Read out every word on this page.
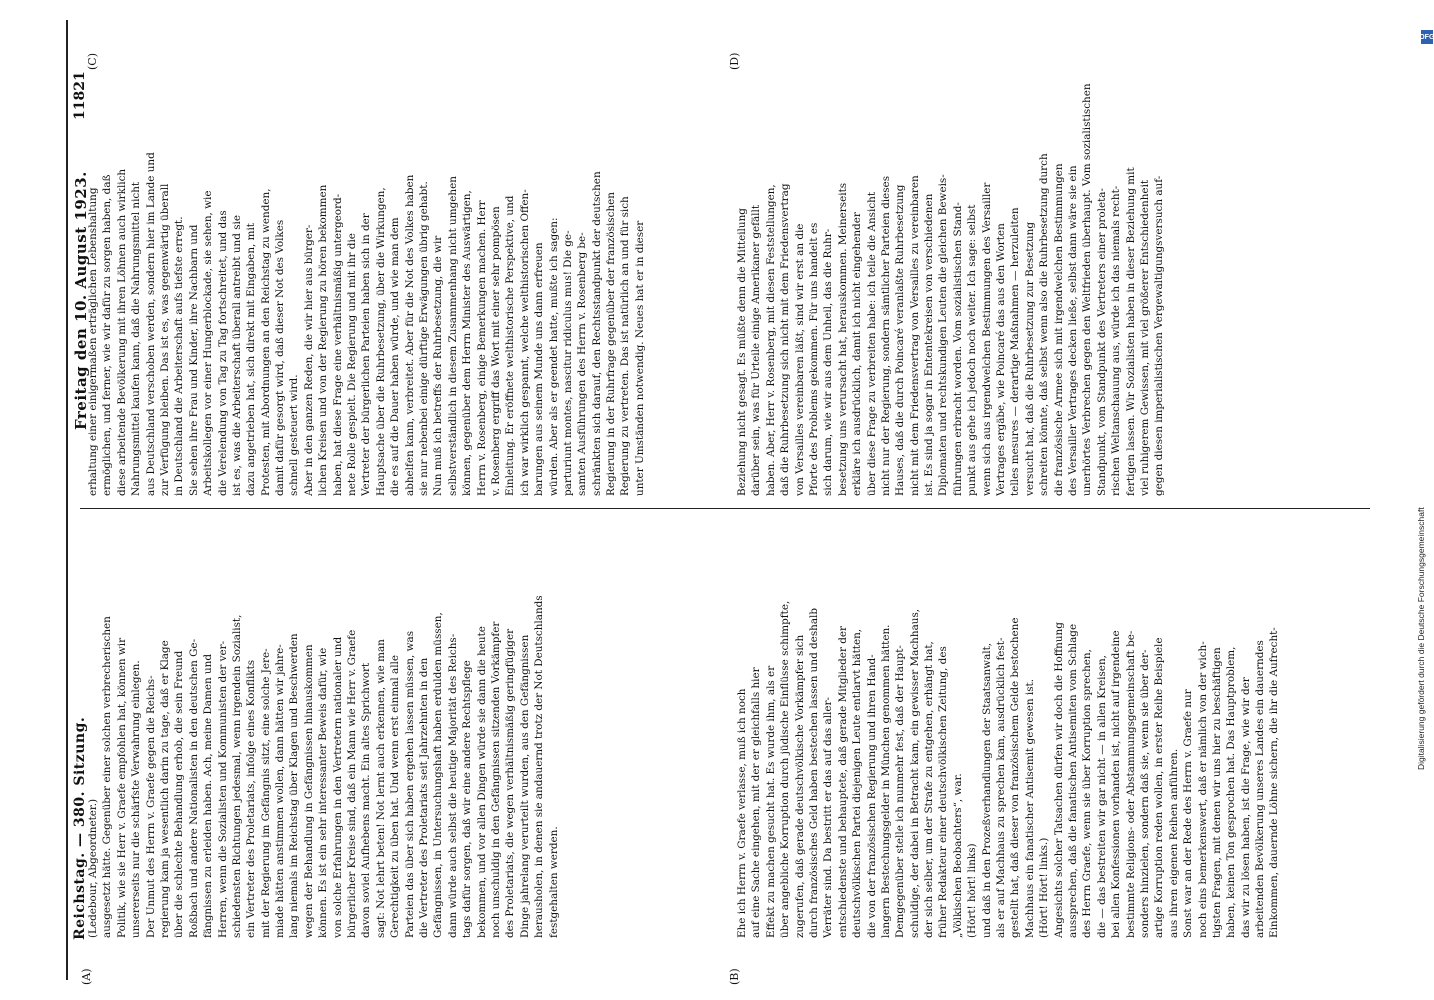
Reichstag. — 380. Sitzung.
Freitag den 10. August 1923.
11821
(A)	(B)
(C)	(D)
(Ledebour, Abgeordneter.) ausgesetzt hätte. Gegenüber einer solchen verbrecherischen Politik, wie sie Herr v. Graefe empfohlen hat, können wir unsererseits nur die schärfste Verwahrung einlegen. Der Unmut des Herrn v. Graefe gegen die Reichs- regierung kam ja wesentlich darin zu tage, daß er Klage über die schlechte Behandlung erhob, die sein Freund Roßbach und andere Nationalisten in den deutschen Ge- fängnissen zu erleiden haben. Ach, meine Damen und Herren, wenn die Sozialisten und Kommunisten der ver- schiedensten Richtungen jedesmal, wenn irgendein Sozialist, ein Vertreter des Proletariats, infolge eines Konflikts mit der Regierung im Gefängnis sitzt, eine solche Jere- miade hätten anstimmen wollen, dann hätten wir jahre- lang niemals im Reichstag über Klagen und Beschwerden wegen der Behandlung in Gefängnissen hinauskommen können. Es ist ein sehr interessanter Beweis dafür, wie von solche Erfahrungen in den Vertretern nationaler und bürgerlicher Kreise sind, daß ein Mann wie Herr v. Graefe davon soviel Aufhebens macht. Ein altes Sprichwort sagt: Not lehrt beten! Not lernt auch erkennen, wie man Gerechtigkeit zu üben hat. Und wenn erst einmal alle Parteien das über sich haben ergehen lassen müssen, was die Vertreter des Proletariats seit Jahrzehnten in den Gefängnissen, in Untersuchungshaft haben erdulden müssen, dann würde auch selbst die heutige Majorität des Reichs- tags dafür sorgen, daß wir eine andere Rechtspflege bekommen, und vor allen Dingen würde sie dann die heute noch unschuldig in den Gefängnissen sitzenden Vorkämpfer des Proletariats, die wegen verhältnismäßig geringfügiger Dinge jahrelang verurteilt wurden, aus den Gefängnissen herausholen, in denen sie andauernd trotz der Not Deutschlands festgehalten werden.
erhaltung einer einigermaßen erträglichen Lebenshaltung ermöglichen, und ferner, wie wir dafür zu sorgen haben, daß diese arbeitende Bevölkerung mit ihren Löhnen auch wirklich Nahrungsmittel kaufen kann, daß die Nahrungsmittel nicht aus Deutschland verschoben werden, sondern hier im Lande und zur Verfügung bleiben. Das ist es, was gegenwärtig überall in Deutschland die Arbeiterschaft aufs tiefste erregt. Sie sehen ihre Frau und Kinder, ihre Nachbarn und Arbeitskollegen vor einer Hungerblockade, sie sehen, wie die Verelendung von Tag zu Tag fortschreitet, und das ist es, was die Arbeiterschaft überall antreibt und sie dazu angetrieben hat, sich direkt mit Eingaben, mit Protesten, mit Abordnungen an den Reichstag zu wenden, damit dafür gesorgt wird, daß dieser Not des Volkes schnell gesteuert wird. Aber in den ganzen Reden, die wir hier aus bürger- lichen Kreisen und von der Regierung zu hören bekommen haben, hat diese Frage eine verhältnismäßig untergeord- nete Rolle gespielt. Die Regierung und mit ihr die Vertreter der bürgerlichen Parteien haben sich in der Hauptsache über die Ruhrbesetzung, über die Wirkungen, die es auf die Dauer haben würde, und wie man dem abhelfen kann, verbreitet. Aber für die Not des Volkes haben sie nur nebenbei einige dürftige Erwägungen übrig gehabt. Nun muß ich betreffs der Ruhrbesetzung, die wir selbstverständlich in diesem Zusammenhang nicht umgehen können, gegenüber dem Herrn Minister des Auswärtigen, Herrn v. Rosenberg, einige Bemerkungen machen. Herr v. Rosenberg ergriff das Wort mit einer sehr pompösen Einleitung. Er eröffnete welthistorische Perspektive, und ich war wirklich gespannt, welche welthistorischen Offen- barungen aus seinem Munde uns dann erfreuen würden. Aber als er geendet hatte, mußte ich sagen: parturiunt montes, nascitur ridiculus mus! Die ge- samten Ausführungen des Herrn v. Rosenberg be- schränkten sich darauf, den Rechtsstandpunkt der deutschen Regierung in der Ruhrfrage gegenüber der französischen Regierung zu vertreten. Das ist natürlich an und für sich unter Umständen notwendig. Neues hat er in dieser
Ehe ich Herrn v. Graefe verlasse, muß ich noch auf eine Sache eingehen, mit der er gleichfalls hier Effekt zu machen gesucht hat. Es wurde ihm, als er über angebliche Korruption durch jüdische Einflüsse schimpfte, zugerufen, daß gerade deutschvölkische Vorkämpfer sich durch französisches Geld haben bestechen lassen und deshalb Verräter sind. Da bestritt er das auf das aller- entschiedenste und behauptete, daß gerade Mitglieder der deutschvölkischen Partei diejenigen Leute entlarvt hätten, die von der französischen Regierung und ihren Hand- langern Bestechungsgelder in München genommen hätten. Demgegenüber stelle ich nunmehr fest, daß der Haupt- schuldige, der dabei in Betracht kam, ein gewisser Machhaus, der sich selber, um der Strafe zu entgehen, erhängt hat, früher Redakteur einer deutschvölkischen Zeitung, des „Völkischen Beobachters“, war. (Hört! hört! links) und daß in den Prozeßverhandlungen der Staatsanwalt, als er auf Machhaus zu sprechen kam, ausdrücklich fest- gestellt hat, daß dieser von französischem Gelde bestochene Machhaus ein fanatischer Antisemit gewesen ist. (Hört! Hört! links.) Angesichts solcher Tatsachen dürfen wir doch die Hoffnung aussprechen, daß die fanatischen Antisemiten vom Schlage des Herrn Graefe, wenn sie über Korruption sprechen, die — das bestreiten wir gar nicht — in allen Kreisen, bei allen Konfessionen vorhanden ist, nicht auf irgendeine bestimmte Religions- oder Abstammungsgemeinschaft be- sonders hinzielen, sondern daß sie, wenn sie über der- artige Korruption reden wollen, in erster Reihe Beispiele aus ihren eigenen Reihen anführen. Sonst war an der Rede des Herrn v. Graefe nur noch eins bemerkenswert, daß er nämlich von der wich- tigsten Fragen, mit denen wir uns hier zu beschäftigen haben, keinen Ton gesprochen hat. Das Hauptproblem, das wir zu lösen haben, ist die Frage, wie wir der arbeitenden Bevölkerung unseres Landes ein dauerndes Einkommen, dauernde Löhne sichern, die ihr die Aufrecht-
Beziehung nicht gesagt. Es müßte denn die Mitteilung darüber sein, was für Urteile einige Amerikaner gefällt haben. Aber, Herr v. Rosenberg, mit diesen Feststellungen, daß die Ruhrbesetzung sich nicht mit dem Friedensvertrag von Versailles vereinbaren läßt, sind wir erst an die Pforte des Problems gekommen. Für uns handelt es sich darum, wie wir aus dem Unheil, das die Ruhr- besetzung uns verursacht hat, herauskommen. Meinerseits erkläre ich ausdrücklich, damit ich nicht eingehender über diese Frage zu verbreiten habe: ich teile die Ansicht nicht nur der Regierung, sondern sämtlicher Parteien dieses Hauses, daß die durch Poincaré veranlaßte Ruhrbesetzung nicht mit dem Friedensvertrag von Versailles zu vereinbaren ist. Es sind ja sogar in Ententekreisen von verschiedenen Diplomaten und rechtskundigen Leuten die gleichen Beweis- führungen erbracht worden. Vom sozialistischen Stand- punkt aus gehe ich jedoch noch weiter. Ich sage: selbst wenn sich aus irgendwelchen Bestimmungen des Versailler Vertrages ergäbe, wie Poincaré das aus den Worten telles mesures — derartige Maßnahmen — herzuleiten versucht hat, daß die Ruhrbesetzung zur Besetzung schreiten könnte, daß selbst wenn also die Ruhrbesetzung durch die französische Armee sich mit irgendwelchen Bestimmungen des Versailler Vertrages decken ließe, selbst dann wäre sie ein unerhörtes Verbrechen gegen den Weltfrieden überhaupt. Vom sozialistischen Standpunkt, vom Standpunkt des Vertreters einer proleta- rischen Weltanschauung aus, würde ich das niemals recht- fertigen lassen. Wir Sozialisten haben in dieser Beziehung mit viel ruhigerem Gewissen, mit viel größerer Entschiedenheit gegen diesen imperialistischen Vergewaltigungsversuch auf-
Digitalisierung gefördert durch die Deutsche Forschungsgemeinschaft
DFG
